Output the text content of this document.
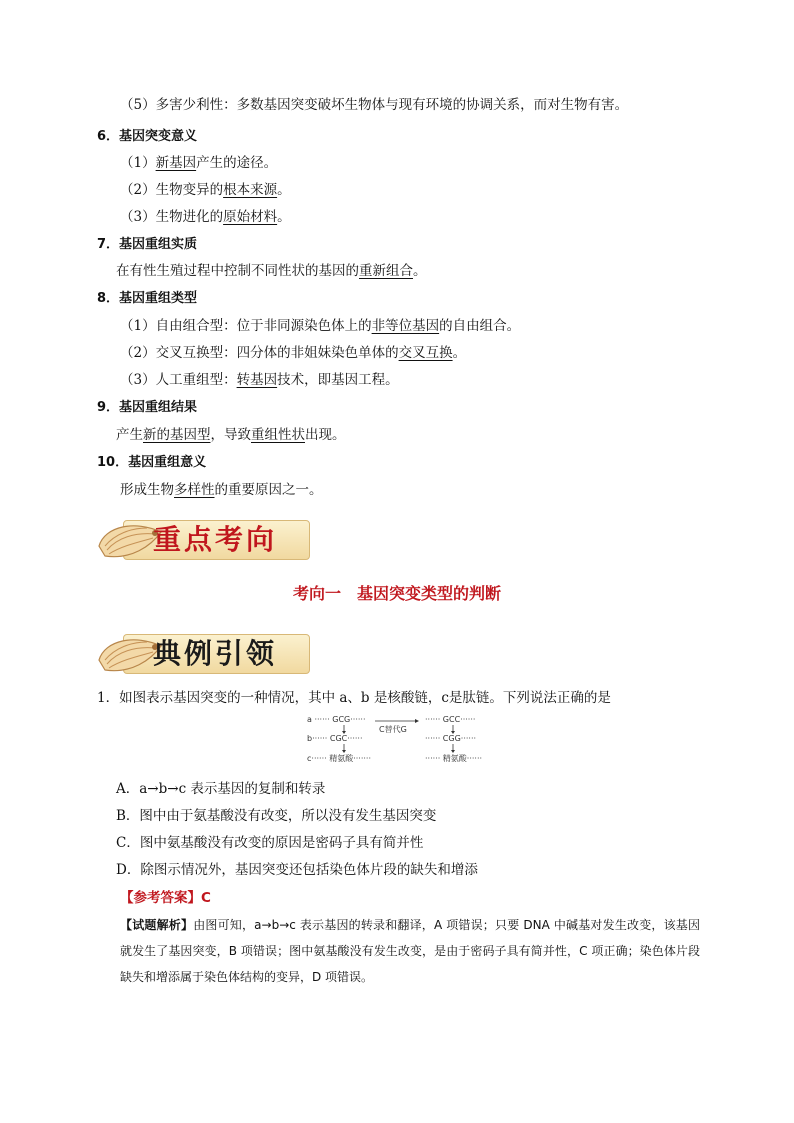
（5）多害少利性：多数基因突变破坏生物体与现有环境的协调关系，而对生物有害。
6．基因突变意义
（1）新基因产生的途径。
（2）生物变异的根本来源。
（3）生物进化的原始材料。
7．基因重组实质
在有性生殖过程中控制不同性状的基因的重新组合。
8．基因重组类型
（1）自由组合型：位于非同源染色体上的非等位基因的自由组合。
（2）交叉互换型：四分体的非姐妹染色单体的交叉互换。
（3）人工重组型：转基因技术，即基因工程。
9．基因重组结果
产生新的基因型，导致重组性状出现。
10．基因重组意义
形成生物多样性的重要原因之一。
重点考向
考向一　基因突变类型的判断
典例引领
1．如图表示基因突变的一种情况，其中 a、b 是核酸链，c是肽链。下列说法正确的是
a ······ GCG······
b······ CGC······
c······ 精氨酸·······
C替代G
······ GCC······
······ CGG······
······ 精氨酸······
A．a→b→c 表示基因的复制和转录
B．图中由于氨基酸没有改变，所以没有发生基因突变
C．图中氨基酸没有改变的原因是密码子具有简并性
D．除图示情况外，基因突变还包括染色体片段的缺失和增添
【参考答案】C
【试题解析】由图可知，a→b→c 表示基因的转录和翻译，A 项错误；只要 DNA 中碱基对发生改变，该基因就发生了基因突变，B 项错误；图中氨基酸没有发生改变，是由于密码子具有简并性，C 项正确；染色体片段缺失和增添属于染色体结构的变异，D 项错误。
